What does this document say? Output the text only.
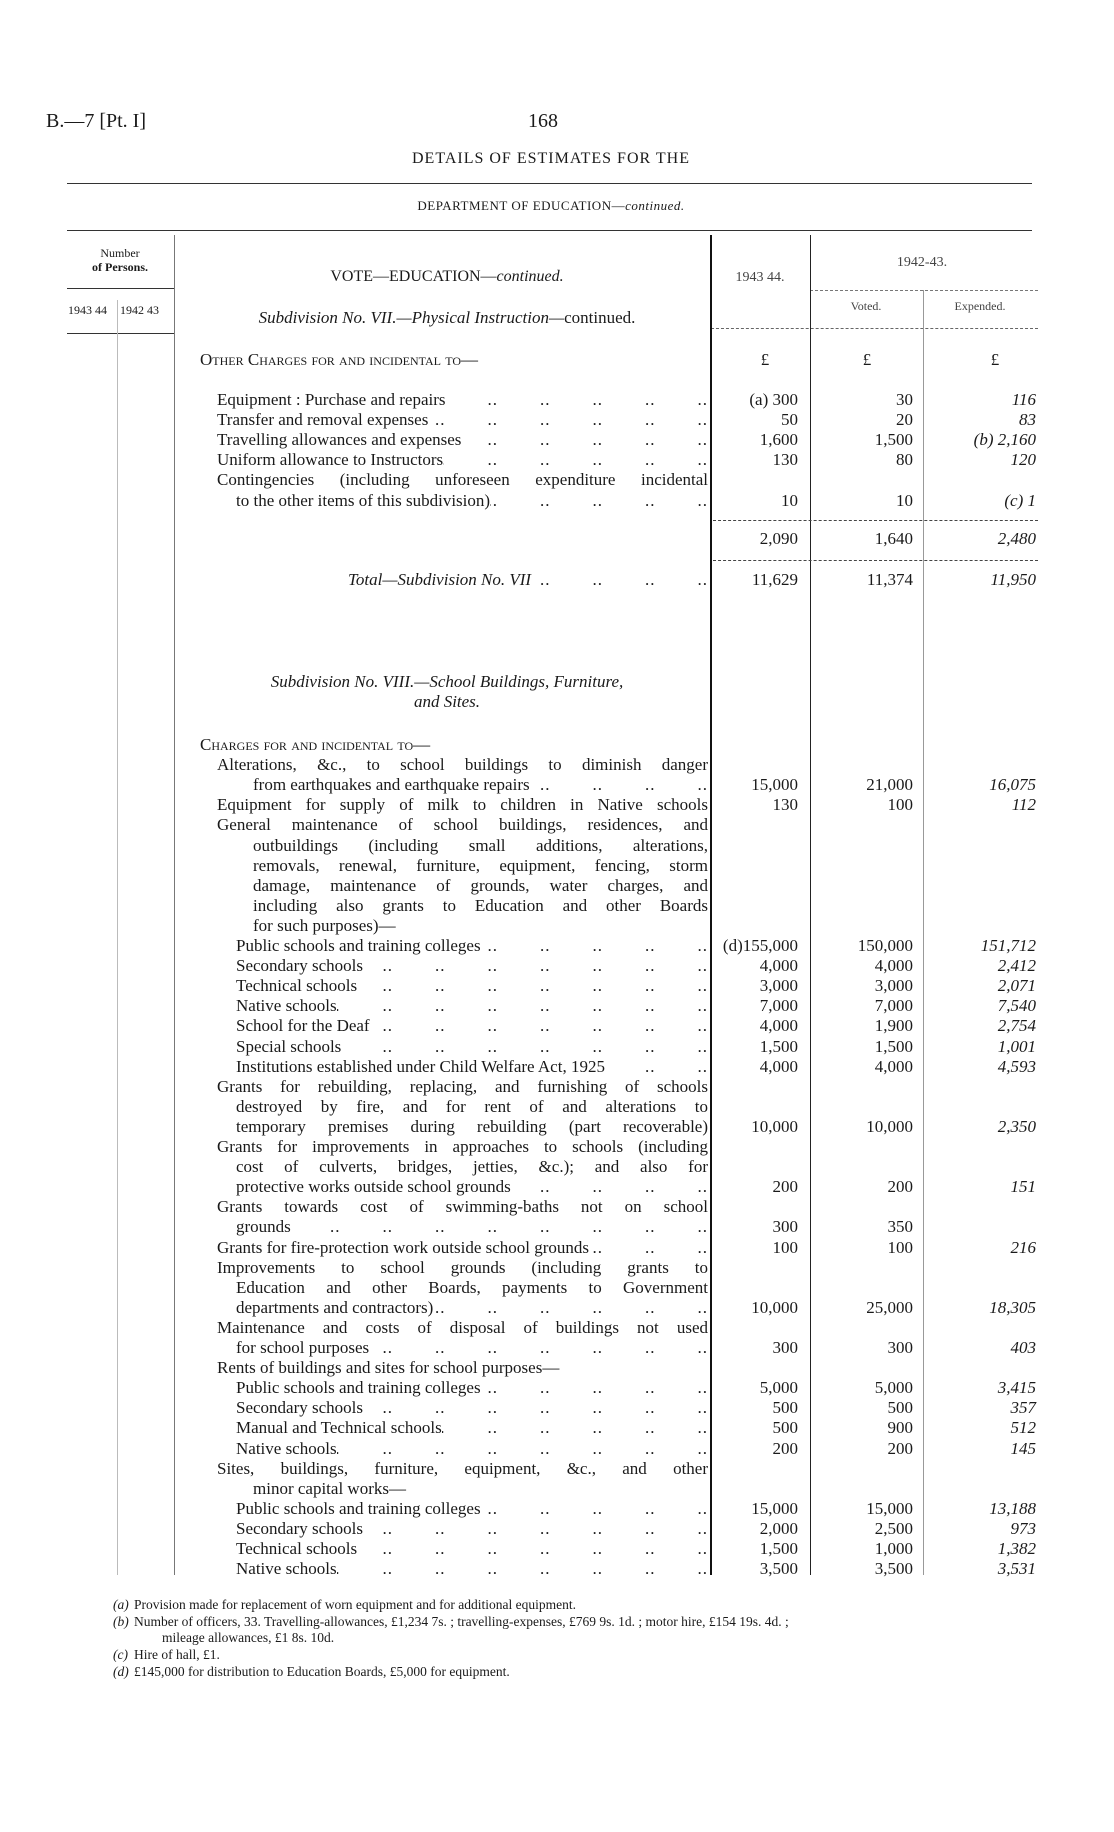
B.—7 [Pt. I]	168
DETAILS OF ESTIMATES FOR THE
DEPARTMENT OF EDUCATION—continued.
Number
of Persons.
1943 44 1942 43
VOTE—EDUCATION—continued.
Subdivision No. VII.—Physical Instruction—continued.
1943 44.
1942-43.
Voted.	Expended.
Other Charges for and incidental to—	£	£	£
Equipment : Purchase and repairs ..	(a) 300	30	116
Transfer and removal expenses ..	50	20	83
Travelling allowances and expenses ..	1,600	1,500	(b) 2,160
Uniform allowance to Instructors ..	130	80	120
Contingencies (including unforeseen expenditure incidental
to the other items of this subdivision) ..	10	10	(c) 1
2,090	1,640	2,480
Total—Subdivision No. VII ..	11,629	11,374	11,950
Subdivision No. VIII.—School Buildings, Furniture,
and Sites.
Charges for and incidental to—
Alterations, &c., to school buildings to diminish danger
from earthquakes and earthquake repairs ..	15,000	21,000	16,075
Equipment for supply of milk to children in Native schools	130	100	112
General maintenance of school buildings, residences, and
outbuildings (including small additions, alterations,
removals, renewal, furniture, equipment, fencing, storm
damage, maintenance of grounds, water charges, and
including also grants to Education and other Boards
for such purposes)—
Public schools and training colleges ..	(d)155,000	150,000	151,712
Secondary schools ..	4,000	4,000	2,412
Technical schools ..	3,000	3,000	2,071
Native schools ..	7,000	7,000	7,540
School for the Deaf ..	4,000	1,900	2,754
Special schools ..	1,500	1,500	1,001
Institutions established under Child Welfare Act, 1925 ..	4,000	4,000	4,593
Grants for rebuilding, replacing, and furnishing of schools
destroyed by fire, and for rent of and alterations to
temporary premises during rebuilding (part recoverable)	10,000	10,000	2,350
Grants for improvements in approaches to schools (including
cost of culverts, bridges, jetties, &c.); and also for
protective works outside school grounds ..	200	200	151
Grants towards cost of swimming-baths not on school
grounds ..	300	350
Grants for fire-protection work outside school grounds ..	100	100	216
Improvements to school grounds (including grants to
Education and other Boards, payments to Government
departments and contractors) ..	10,000	25,000	18,305
Maintenance and costs of disposal of buildings not used
for school purposes ..	300	300	403
Rents of buildings and sites for school purposes—
Public schools and training colleges ..	5,000	5,000	3,415
Secondary schools ..	500	500	357
Manual and Technical schools ..	500	900	512
Native schools ..	200	200	145
Sites, buildings, furniture, equipment, &c., and other
minor capital works—
Public schools and training colleges ..	15,000	15,000	13,188
Secondary schools ..	2,000	2,500	973
Technical schools ..	1,500	1,000	1,382
Native schools ..	3,500	3,500	3,531
(a) Provision made for replacement of worn equipment and for additional equipment.
(b) Number of officers, 33. Travelling-allowances, £1,234 7s. ; travelling-expenses, £769 9s. 1d. ; motor hire, £154 19s. 4d. ;
mileage allowances, £1 8s. 10d.
(c) Hire of hall, £1.
(d) £145,000 for distribution to Education Boards, £5,000 for equipment.
